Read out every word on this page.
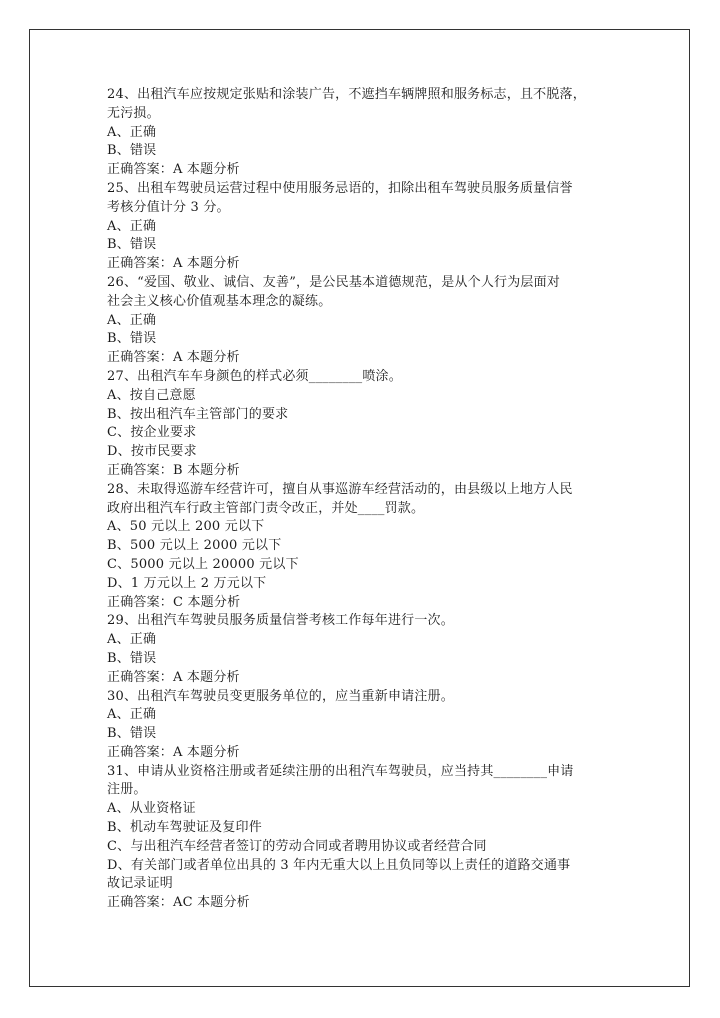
24、出租汽车应按规定张贴和涂装广告，不遮挡车辆牌照和服务标志，且不脱落，
无污损。
A、正确
B、错误
正确答案：A 本题分析
25、出租车驾驶员运营过程中使用服务忌语的，扣除出租车驾驶员服务质量信誉
考核分值计分 3 分。
A、正确
B、错误
正确答案：A 本题分析
26、“爱国、敬业、诚信、友善”，是公民基本道德规范，是从个人行为层面对
社会主义核心价值观基本理念的凝练。
A、正确
B、错误
正确答案：A 本题分析
27、出租汽车车身颜色的样式必须________喷涂。
A、按自己意愿
B、按出租汽车主管部门的要求
C、按企业要求
D、按市民要求
正确答案：B 本题分析
28、未取得巡游车经营许可，擅自从事巡游车经营活动的，由县级以上地方人民
政府出租汽车行政主管部门责令改正，并处____罚款。
A、50 元以上 200 元以下
B、500 元以上 2000 元以下
C、5000 元以上 20000 元以下
D、1 万元以上 2 万元以下
正确答案：C 本题分析
29、出租汽车驾驶员服务质量信誉考核工作每年进行一次。
A、正确
B、错误
正确答案：A 本题分析
30、出租汽车驾驶员变更服务单位的，应当重新申请注册。
A、正确
B、错误
正确答案：A 本题分析
31、申请从业资格注册或者延续注册的出租汽车驾驶员，应当持其________申请
注册。
A、从业资格证
B、机动车驾驶证及复印件
C、与出租汽车经营者签订的劳动合同或者聘用协议或者经营合同
D、有关部门或者单位出具的 3 年内无重大以上且负同等以上责任的道路交通事
故记录证明
正确答案：AC 本题分析
